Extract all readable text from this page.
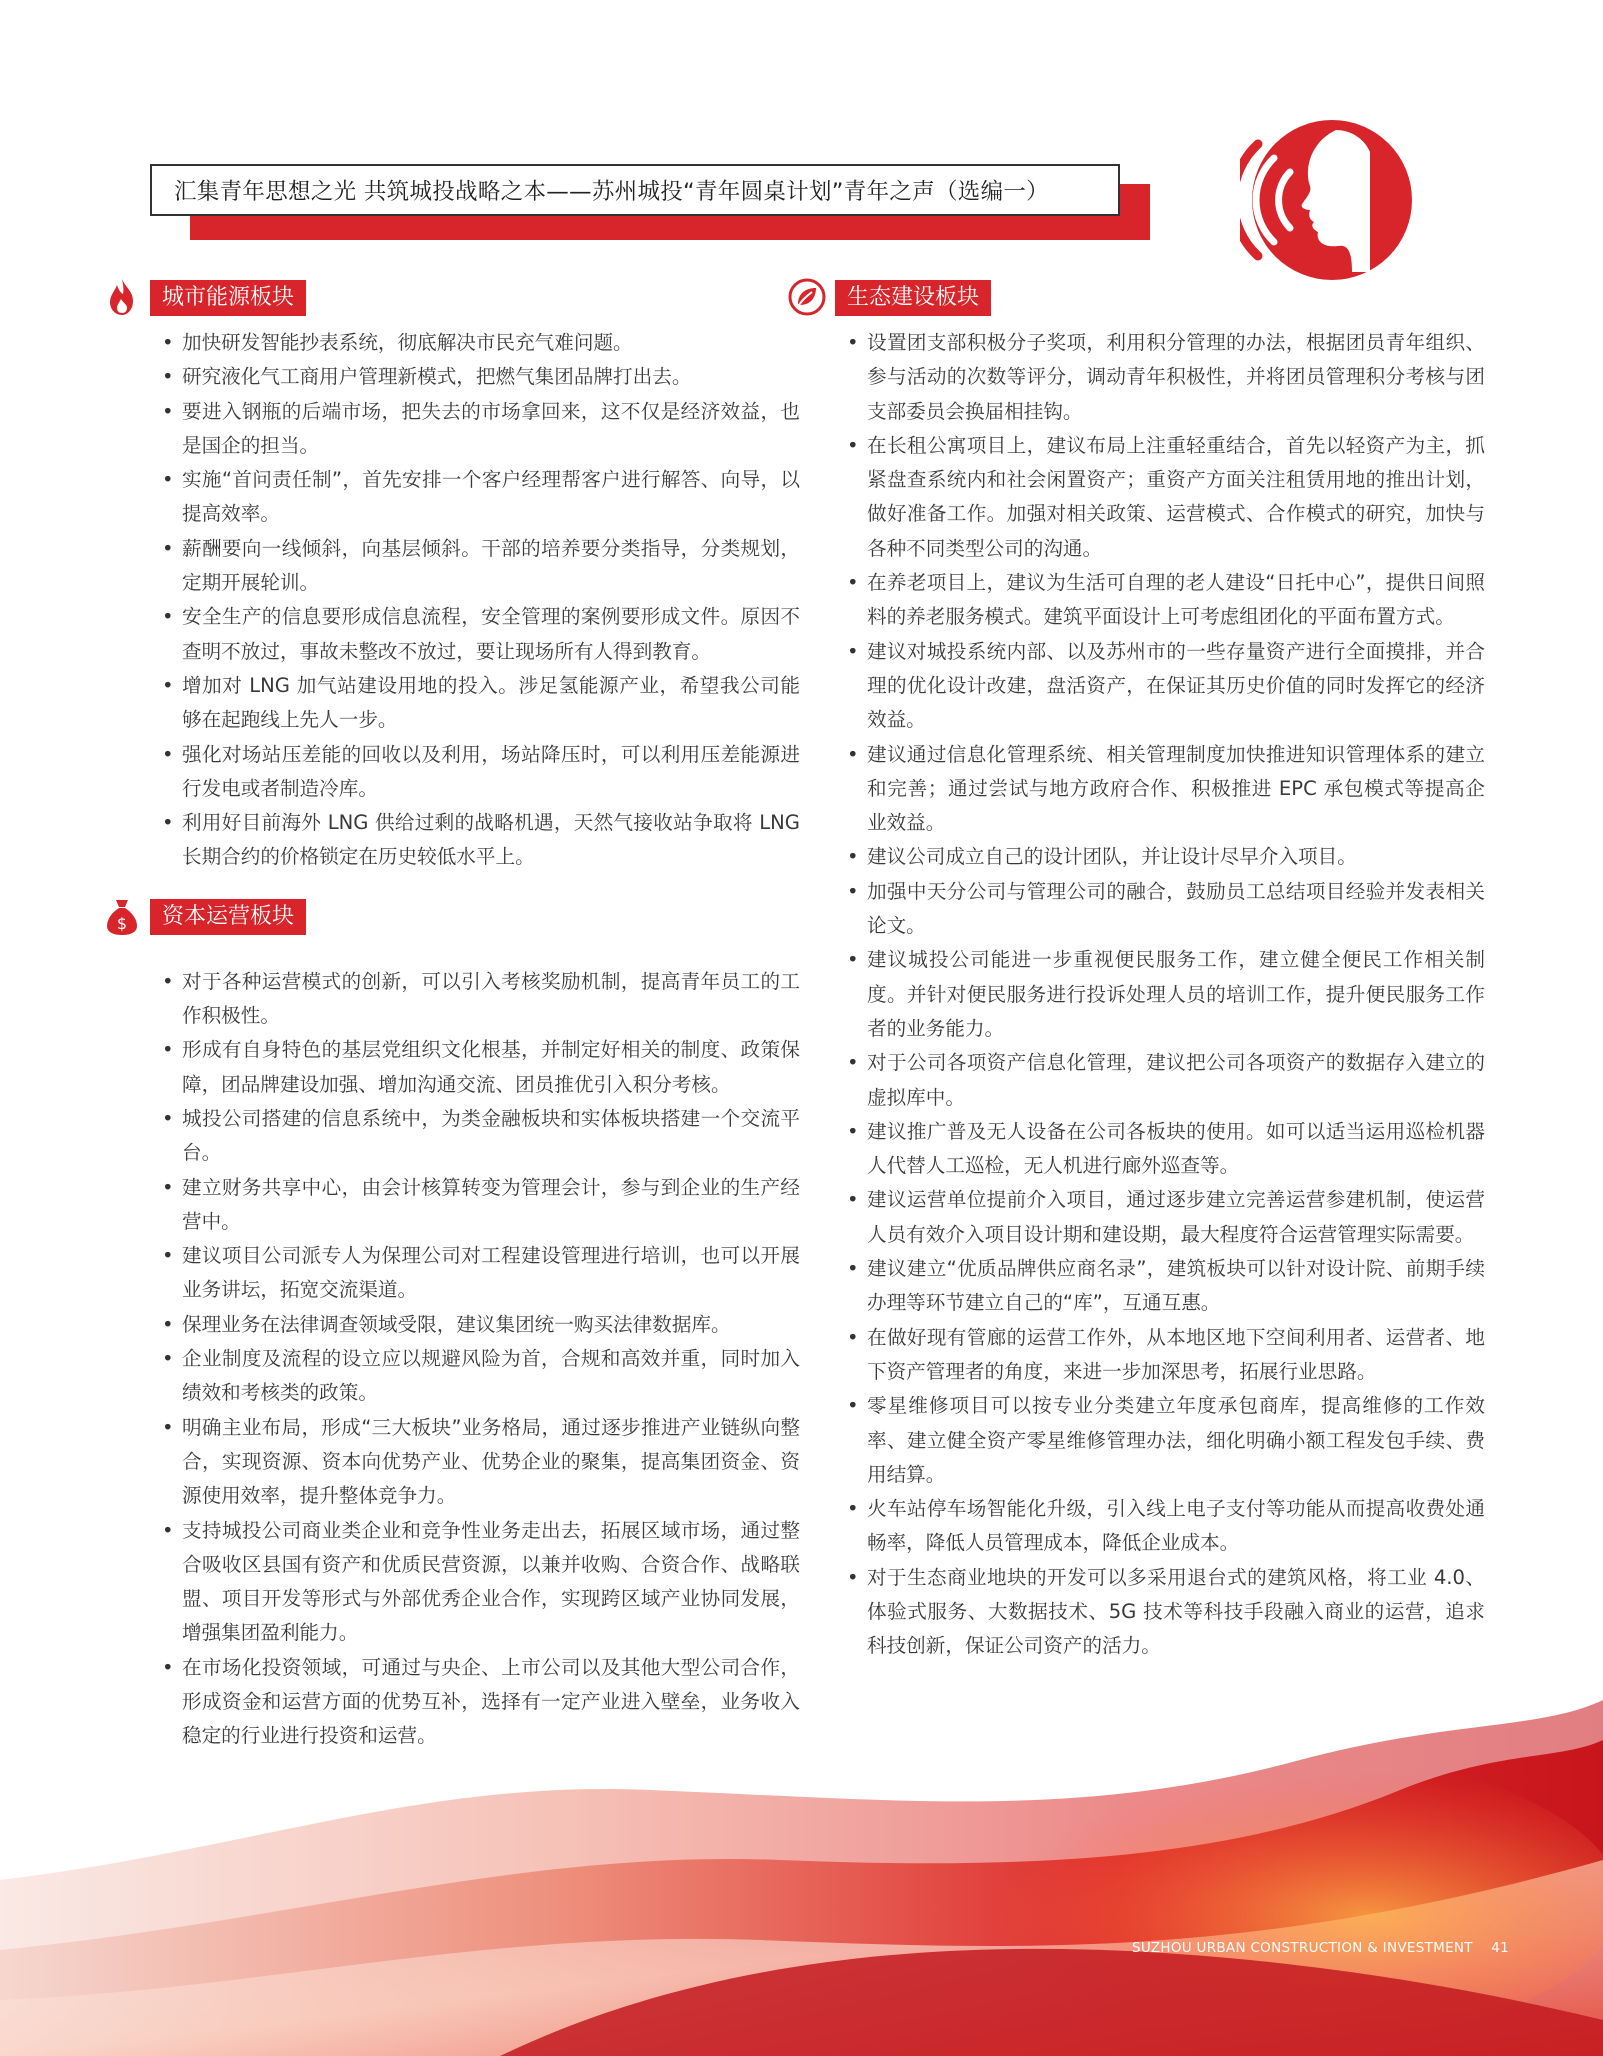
汇集青年思想之光 共筑城投战略之本——苏州城投“青年圆桌计划”青年之声（选编一）
城市能源板块
• 加快研发智能抄表系统，彻底解决市民充气难问题。
• 研究液化气工商用户管理新模式，把燃气集团品牌打出去。
• 要进入钢瓶的后端市场，把失去的市场拿回来，这不仅是经济效益，也是国企的担当。
• 实施“首问责任制”，首先安排一个客户经理帮客户进行解答、向导，以提高效率。
• 薪酬要向一线倾斜，向基层倾斜。干部的培养要分类指导，分类规划，定期开展轮训。
• 安全生产的信息要形成信息流程，安全管理的案例要形成文件。原因不查明不放过，事故未整改不放过，要让现场所有人得到教育。
• 增加对 LNG 加气站建设用地的投入。涉足氢能源产业，希望我公司能够在起跑线上先人一步。
• 强化对场站压差能的回收以及利用，场站降压时，可以利用压差能源进行发电或者制造冷库。
• 利用好目前海外 LNG 供给过剩的战略机遇，天然气接收站争取将 LNG 长期合约的价格锁定在历史较低水平上。
$	资本运营板块
• 对于各种运营模式的创新，可以引入考核奖励机制，提高青年员工的工作积极性。
• 形成有自身特色的基层党组织文化根基，并制定好相关的制度、政策保障，团品牌建设加强、增加沟通交流、团员推优引入积分考核。
• 城投公司搭建的信息系统中，为类金融板块和实体板块搭建一个交流平台。
• 建立财务共享中心，由会计核算转变为管理会计，参与到企业的生产经营中。
• 建议项目公司派专人为保理公司对工程建设管理进行培训，也可以开展业务讲坛，拓宽交流渠道。
• 保理业务在法律调查领域受限，建议集团统一购买法律数据库。
• 企业制度及流程的设立应以规避风险为首，合规和高效并重，同时加入绩效和考核类的政策。
• 明确主业布局，形成“三大板块”业务格局，通过逐步推进产业链纵向整合，实现资源、资本向优势产业、优势企业的聚集，提高集团资金、资源使用效率，提升整体竞争力。
• 支持城投公司商业类企业和竞争性业务走出去，拓展区域市场，通过整合吸收区县国有资产和优质民营资源，以兼并收购、合资合作、战略联盟、项目开发等形式与外部优秀企业合作，实现跨区域产业协同发展，增强集团盈利能力。
• 在市场化投资领域，可通过与央企、上市公司以及其他大型公司合作，形成资金和运营方面的优势互补，选择有一定产业进入壁垒，业务收入稳定的行业进行投资和运营。
生态建设板块
• 设置团支部积极分子奖项，利用积分管理的办法，根据团员青年组织、参与活动的次数等评分，调动青年积极性，并将团员管理积分考核与团支部委员会换届相挂钩。
• 在长租公寓项目上，建议布局上注重轻重结合，首先以轻资产为主，抓紧盘查系统内和社会闲置资产；重资产方面关注租赁用地的推出计划，做好准备工作。加强对相关政策、运营模式、合作模式的研究，加快与各种不同类型公司的沟通。
• 在养老项目上，建议为生活可自理的老人建设“日托中心”，提供日间照料的养老服务模式。建筑平面设计上可考虑组团化的平面布置方式。
• 建议对城投系统内部、以及苏州市的一些存量资产进行全面摸排，并合理的优化设计改建，盘活资产，在保证其历史价值的同时发挥它的经济效益。
• 建议通过信息化管理系统、相关管理制度加快推进知识管理体系的建立和完善；通过尝试与地方政府合作、积极推进 EPC 承包模式等提高企业效益。
• 建议公司成立自己的设计团队，并让设计尽早介入项目。
• 加强中天分公司与管理公司的融合，鼓励员工总结项目经验并发表相关论文。
• 建议城投公司能进一步重视便民服务工作，建立健全便民工作相关制度。并针对便民服务进行投诉处理人员的培训工作，提升便民服务工作者的业务能力。
• 对于公司各项资产信息化管理，建议把公司各项资产的数据存入建立的虚拟库中。
• 建议推广普及无人设备在公司各板块的使用。如可以适当运用巡检机器人代替人工巡检，无人机进行廊外巡查等。
• 建议运营单位提前介入项目，通过逐步建立完善运营参建机制，使运营人员有效介入项目设计期和建设期，最大程度符合运营管理实际需要。
• 建议建立“优质品牌供应商名录”，建筑板块可以针对设计院、前期手续办理等环节建立自己的“库”，互通互惠。
• 在做好现有管廊的运营工作外，从本地区地下空间利用者、运营者、地下资产管理者的角度，来进一步加深思考，拓展行业思路。
• 零星维修项目可以按专业分类建立年度承包商库，提高维修的工作效率、建立健全资产零星维修管理办法，细化明确小额工程发包手续、费用结算。
• 火车站停车场智能化升级，引入线上电子支付等功能从而提高收费处通畅率，降低人员管理成本，降低企业成本。
• 对于生态商业地块的开发可以多采用退台式的建筑风格，将工业 4.0、体验式服务、大数据技术、5G 技术等科技手段融入商业的运营，追求科技创新，保证公司资产的活力。
SUZHOU URBAN CONSTRUCTION & INVESTMENT 41
